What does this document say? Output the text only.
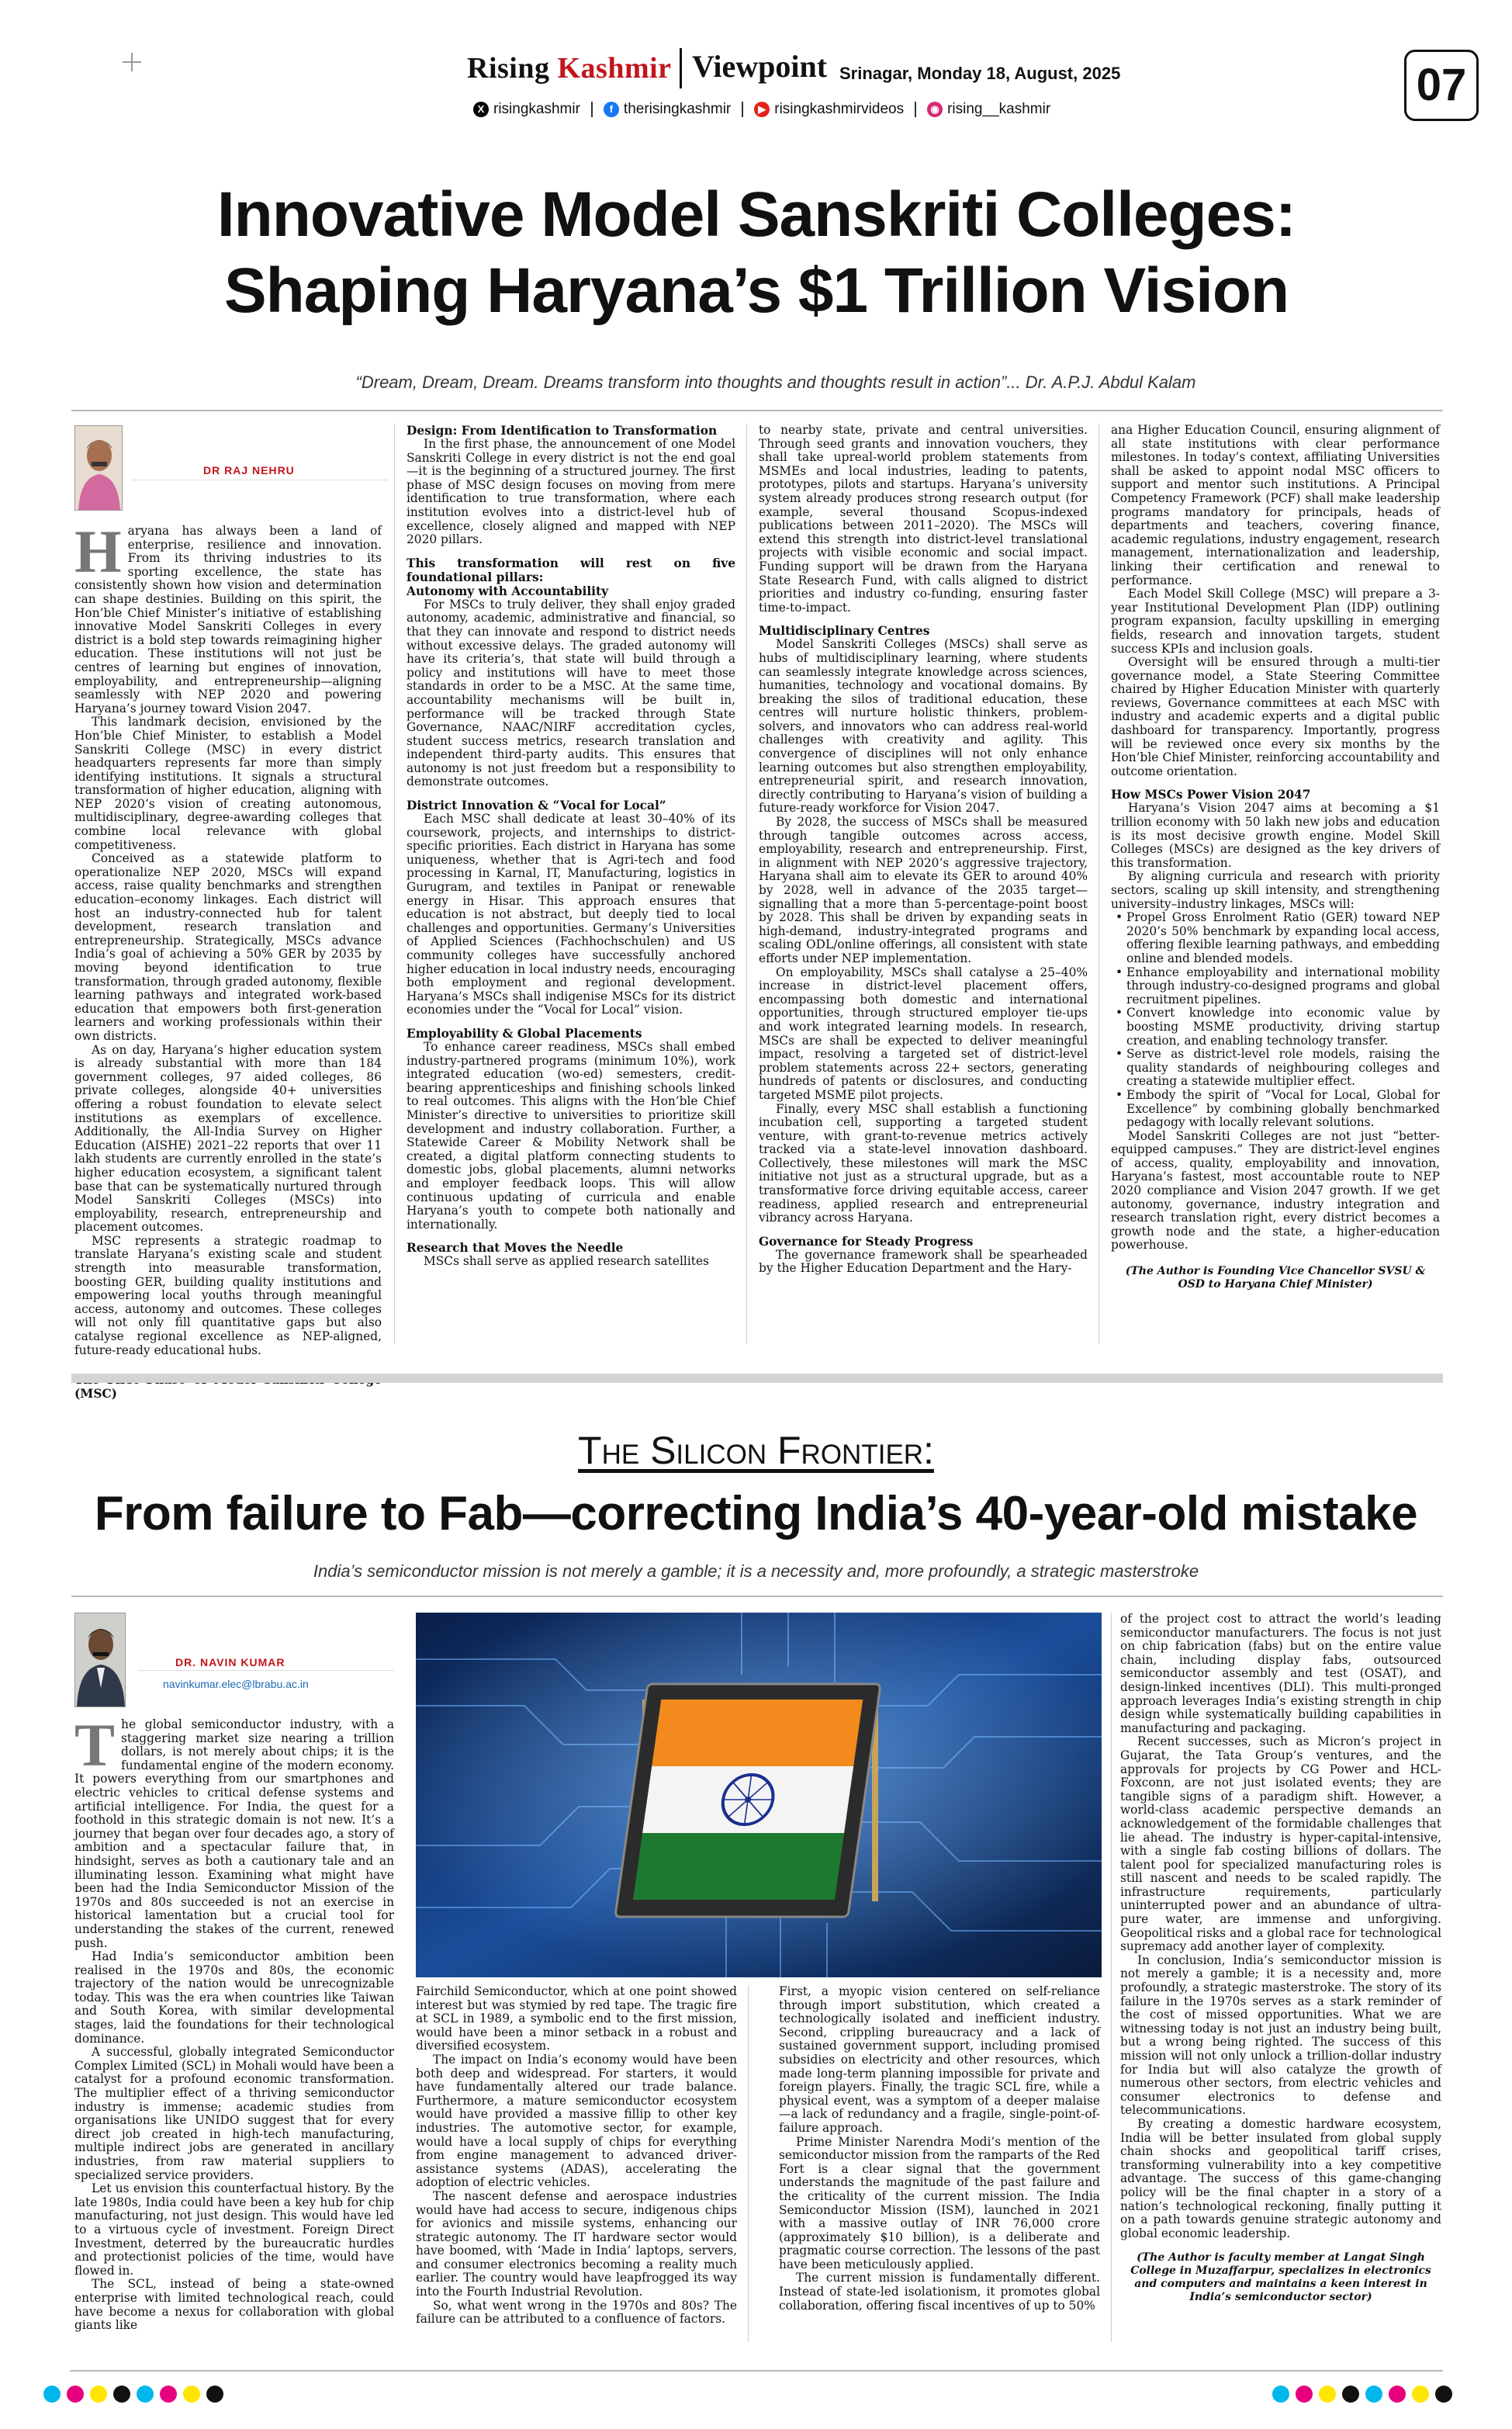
Rising Kashmir Viewpoint Srinagar, Monday 18, August, 2025
X risingkashmir	f therisingkashmir	▶ risingkashmirvideos	◉ rising__kashmir	07
Innovative Model Sanskriti Colleges:
Shaping Haryana’s $1 Trillion Vision
“Dream, Dream, Dream. Dreams transform into thoughts and thoughts result in action”... Dr. A.P.J. Abdul Kalam
DR RAJ NEHRU

Haryana has always been a land of enterprise, resilience and innovation. From its thriving industries to its sporting excellence, the state has consistently shown how vision and determination can shape destinies. Building on this spirit, the Hon’ble Chief Minister’s initiative of establishing innovative Model Sanskriti Colleges in every district is a bold step towards reimagining higher education. These institutions will not just be centres of learning but engines of innovation, employability, and entrepreneurship—aligning seamlessly with NEP 2020 and powering Haryana’s journey toward Vision 2047.

This landmark decision, envisioned by the Hon’ble Chief Minister, to establish a Model Sanskriti College (MSC) in every district headquarters represents far more than simply identifying institutions. It signals a structural transformation of higher education, aligning with NEP 2020’s vision of creating autonomous, multidisciplinary, degree-awarding colleges that combine local relevance with global competitiveness.

Conceived as a statewide platform to operationalize NEP 2020, MSCs will expand access, raise quality benchmarks and strengthen education–economy linkages. Each district will host an industry-connected hub for talent development, research translation and entrepreneurship. Strategically, MSCs advance India’s goal of achieving a 50% GER by 2035 by moving beyond identification to true transformation, through graded autonomy, flexible learning pathways and integrated work-based education that empowers both first-generation learners and working professionals within their own districts.

As on day, Haryana’s higher education system is already substantial with more than 184 government colleges, 97 aided colleges, 86 private colleges, alongside 40+ universities offering a robust foundation to elevate select institutions as exemplars of excellence. Additionally, the All-India Survey on Higher Education (AISHE) 2021–22 reports that over 11 lakh students are currently enrolled in the state’s higher education ecosystem, a significant talent base that can be systematically nurtured through Model Sanskriti Colleges (MSCs) into employability, research, entrepreneurship and placement outcomes.

MSC represents a strategic roadmap to translate Haryana’s existing scale and student strength into measurable transformation, boosting GER, building quality institutions and empowering local youths through meaningful access, autonomy and outcomes. These colleges will not only fill quantitative gaps but also catalyse regional excellence as NEP-aligned, future-ready educational hubs.

(MSC)
Design: From Identification to Transformation

In the first phase, the announcement of one Model Sanskriti College in every district is not the end goal—it is the beginning of a structured journey. The first phase of MSC design focuses on moving from mere identification to true transformation, where each institution evolves into a district-level hub of excellence, closely aligned and mapped with NEP 2020 pillars.

This transformation will rest on five foundational pillars:
Autonomy with Accountability

For MSCs to truly deliver, they shall enjoy graded autonomy, academic, administrative and financial, so that they can innovate and respond to district needs without excessive delays. The graded autonomy will have its criteria’s, that state will build through a policy and institutions will have to meet those standards in order to be a MSC. At the same time, accountability mechanisms will be built in, performance will be tracked through State Governance, NAAC/NIRF accreditation cycles, student success metrics, research translation and independent third-party audits. This ensures that autonomy is not just freedom but a responsibility to demonstrate outcomes.

District Innovation & “Vocal for Local”

Each MSC shall dedicate at least 30–40% of its coursework, projects, and internships to district-specific priorities. Each district in Haryana has some uniqueness, whether that is Agri-tech and food processing in Karnal, IT, Manufacturing, logistics in Gurugram, and textiles in Panipat or renewable energy in Hisar. This approach ensures that education is not abstract, but deeply tied to local challenges and opportunities. Germany’s Universities of Applied Sciences (Fachhochschulen) and US community colleges have successfully anchored higher education in local industry needs, encouraging both employment and regional development. Haryana’s MSCs shall indigenise MSCs for its district economies under the “Vocal for Local” vision.

Employability & Global Placements

To enhance career readiness, MSCs shall embed industry-partnered programs (minimum 10%), work integrated education (wo-ed) semesters, credit-bearing apprenticeships and finishing schools linked to real outcomes. This aligns with the Hon’ble Chief Minister’s directive to universities to prioritize skill development and industry collaboration. Further, a Statewide Career & Mobility Network shall be created, a digital platform connecting students to domestic jobs, global placements, alumni networks and employer feedback loops. This will allow continuous updating of curricula and enable Haryana’s youth to compete both nationally and internationally.

Research that Moves the Needle

MSCs shall serve as applied research satellites

to nearby state, private and central universities. Through seed grants and innovation vouchers, they shall take upreal-world problem statements from MSMEs and local industries, leading to patents, prototypes, pilots and startups. Haryana’s university system already produces strong research output (for example, several thousand Scopus-indexed publications between 2011–2020). The MSCs will extend this strength into district-level translational projects with visible economic and social impact. Funding support will be drawn from the Haryana State Research Fund, with calls aligned to district priorities and industry co-funding, ensuring faster time-to-impact.

Multidisciplinary Centres

Model Sanskriti Colleges (MSCs) shall serve as hubs of multidisciplinary learning, where students can seamlessly integrate knowledge across sciences, humanities, technology and vocational domains. By breaking the silos of traditional education, these centres will nurture holistic thinkers, problem-solvers, and innovators who can address real-world challenges with creativity and agility. This convergence of disciplines will not only enhance learning outcomes but also strengthen employability, entrepreneurial spirit, and research innovation, directly contributing to Haryana’s vision of building a future-ready workforce for Vision 2047.

By 2028, the success of MSCs shall be measured through tangible outcomes across access, employability, research and entrepreneurship. First, in alignment with NEP 2020’s aggressive trajectory, Haryana shall aim to elevate its GER to around 40% by 2028, well in advance of the 2035 target—signalling that a more than 5-percentage-point boost by 2028. This shall be driven by expanding seats in high-demand, industry-integrated programs and scaling ODL/online offerings, all consistent with state efforts under NEP implementation.

On employability, MSCs shall catalyse a 25–40% increase in district-level placement offers, encompassing both domestic and international opportunities, through structured employer tie-ups and work integrated learning models. In research, MSCs are shall be expected to deliver meaningful impact, resolving a targeted set of district-level problem statements across 22+ sectors, generating hundreds of patents or disclosures, and conducting targeted MSME pilot projects.

Finally, every MSC shall establish a functioning incubation cell, supporting a targeted student venture, with grant-to-revenue metrics actively tracked via a state-level innovation dashboard. Collectively, these milestones will mark the MSC initiative not just as a structural upgrade, but as a transformative force driving equitable access, career readiness, applied research and entrepreneurial vibrancy across Haryana.

Governance for Steady Progress

The governance framework shall be spearheaded by the Higher Education Department and the Hary-

ana Higher Education Council, ensuring alignment of all state institutions with clear performance milestones. In today’s context, affiliating Universities shall be asked to appoint nodal MSC officers to support and mentor such institutions. A Principal Competency Framework (PCF) shall make leadership programs mandatory for principals, heads of departments and teachers, covering finance, academic regulations, industry engagement, research management, internationalization and leadership, linking their certification and renewal to performance.

Each Model Skill College (MSC) will prepare a 3-year Institutional Development Plan (IDP) outlining program expansion, faculty upskilling in emerging fields, research and innovation targets, student success KPIs and inclusion goals.

Oversight will be ensured through a multi-tier governance model, a State Steering Committee chaired by Higher Education Minister with quarterly reviews, Governance committees at each MSC with industry and academic experts and a digital public dashboard for transparency. Importantly, progress will be reviewed once every six months by the Hon’ble Chief Minister, reinforcing accountability and outcome orientation.

How MSCs Power Vision 2047

Haryana’s Vision 2047 aims at becoming a $1 trillion economy with 50 lakh new jobs and education is its most decisive growth engine. Model Skill Colleges (MSCs) are designed as the key drivers of this transformation.

By aligning curricula and research with priority sectors, scaling up skill intensity, and strengthening university–industry linkages, MSCs will:

• Propel Gross Enrolment Ratio (GER) toward NEP 2020’s 50% benchmark by expanding local access, offering flexible learning pathways, and embedding online and blended models.

• Enhance employability and international mobility through industry-co-designed programs and global recruitment pipelines.

• Convert knowledge into economic value by boosting MSME productivity, driving startup creation, and enabling technology transfer.

• Serve as district-level role models, raising the quality standards of neighbouring colleges and creating a statewide multiplier effect.

• Embody the spirit of “Vocal for Local, Global for Excellence” by combining globally benchmarked pedagogy with locally relevant solutions.

Model Sanskriti Colleges are not just “better-equipped campuses.” They are district-level engines of access, quality, employability and innovation, Haryana’s fastest, most accountable route to NEP 2020 compliance and Vision 2047 growth. If we get autonomy, governance, industry integration and research translation right, every district becomes a growth node and the state, a higher-education powerhouse.

(The Author is Founding Vice Chancellor SVSU & OSD to Haryana Chief Minister)

The Silicon Frontier:
From failure to Fab—correcting India’s 40-year-old mistake
India’s semiconductor mission is not merely a gamble; it is a necessity and, more profoundly, a strategic masterstroke
DR. NAVIN KUMAR
navinkumar.elec@lbrabu.ac.in

The global semiconductor industry, with a staggering market size nearing a trillion dollars, is not merely about chips; it is the fundamental engine of the modern economy. It powers everything from our smartphones and electric vehicles to critical defense systems and artificial intelligence. For India, the quest for a foothold in this strategic domain is not new. It’s a journey that began over four decades ago, a story of ambition and a spectacular failure that, in hindsight, serves as both a cautionary tale and an illuminating lesson. Examining what might have been had the India Semiconductor Mission of the 1970s and 80s succeeded is not an exercise in historical lamentation but a crucial tool for understanding the stakes of the current, renewed push.

Had India’s semiconductor ambition been realised in the 1970s and 80s, the economic trajectory of the nation would be unrecognizable today. This was the era when countries like Taiwan and South Korea, with similar developmental stages, laid the foundations for their technological dominance.

A successful, globally integrated Semiconductor Complex Limited (SCL) in Mohali would have been a catalyst for a profound economic transformation. The multiplier effect of a thriving semiconductor industry is immense; academic studies from organisations like UNIDO suggest that for every direct job created in high-tech manufacturing, multiple indirect jobs are generated in ancillary industries, from raw material suppliers to specialized service providers.

Let us envision this counterfactual history. By the late 1980s, India could have been a key hub for chip manufacturing, not just design. This would have led to a virtuous cycle of investment. Foreign Direct Investment, deterred by the bureaucratic hurdles and protectionist policies of the time, would have flowed in.

The SCL, instead of being a state-owned enterprise with limited technological reach, could have become a nexus for collaboration with global giants like

Fairchild Semiconductor, which at one point showed interest but was stymied by red tape. The tragic fire at SCL in 1989, a symbolic end to the first mission, would have been a minor setback in a robust and diversified ecosystem.

The impact on India’s economy would have been both deep and widespread. For starters, it would have fundamentally altered our trade balance. Furthermore, a mature semiconductor ecosystem would have provided a massive fillip to other key industries. The automotive sector, for example, would have a local supply of chips for everything from engine management to advanced driver-assistance systems (ADAS), accelerating the adoption of electric vehicles.

The nascent defense and aerospace industries would have had access to secure, indigenous chips for avionics and missile systems, enhancing our strategic autonomy. The IT hardware sector would have boomed, with ‘Made in India’ laptops, servers, and consumer electronics becoming a reality much earlier. The country would have leapfrogged its way into the Fourth Industrial Revolution.

So, what went wrong in the 1970s and 80s? The failure can be attributed to a confluence of factors.

First, a myopic vision centered on self-reliance through import substitution, which created a technologically isolated and inefficient industry. Second, crippling bureaucracy and a lack of sustained government support, including promised subsidies on electricity and other resources, which made long-term planning impossible for private and foreign players. Finally, the tragic SCL fire, while a physical event, was a symptom of a deeper malaise—a lack of redundancy and a fragile, single-point-of-failure approach.

Prime Minister Narendra Modi’s mention of the semiconductor mission from the ramparts of the Red Fort is a clear signal that the government understands the magnitude of the past failure and the criticality of the current mission. The India Semiconductor Mission (ISM), launched in 2021 with a massive outlay of INR 76,000 crore (approximately $10 billion), is a deliberate and pragmatic course correction. The lessons of the past have been meticulously applied.

The current mission is fundamentally different. Instead of state-led isolationism, it promotes global collaboration, offering fiscal incentives of up to 50%

of the project cost to attract the world’s leading semiconductor manufacturers. The focus is not just on chip fabrication (fabs) but on the entire value chain, including display fabs, outsourced semiconductor assembly and test (OSAT), and design-linked incentives (DLI). This multi-pronged approach leverages India’s existing strength in chip design while systematically building capabilities in manufacturing and packaging.

Recent successes, such as Micron’s project in Gujarat, the Tata Group’s ventures, and the approvals for projects by CG Power and HCL-Foxconn, are not just isolated events; they are tangible signs of a paradigm shift. However, a world-class academic perspective demands an acknowledgement of the formidable challenges that lie ahead. The industry is hyper-capital-intensive, with a single fab costing billions of dollars. The talent pool for specialized manufacturing roles is still nascent and needs to be scaled rapidly. The infrastructure requirements, particularly uninterrupted power and an abundance of ultra-pure water, are immense and unforgiving. Geopolitical risks and a global race for technological supremacy add another layer of complexity.

In conclusion, India’s semiconductor mission is not merely a gamble; it is a necessity and, more profoundly, a strategic masterstroke. The story of its failure in the 1970s serves as a stark reminder of the cost of missed opportunities. What we are witnessing today is not just an industry being built, but a wrong being righted. The success of this mission will not only unlock a trillion-dollar industry for India but will also catalyze the growth of numerous other sectors, from electric vehicles and consumer electronics to defense and telecommunications.

By creating a domestic hardware ecosystem, India will be better insulated from global supply chain shocks and geopolitical tariff crises, transforming vulnerability into a key competitive advantage. The success of this game-changing policy will be the final chapter in a story of a nation’s technological reckoning, finally putting it on a path towards genuine strategic autonomy and global economic leadership.

(The Author is faculty member at Langat Singh College in Muzaffarpur, specializes in electronics and computers and maintains a keen interest in India’s semiconductor sector)
